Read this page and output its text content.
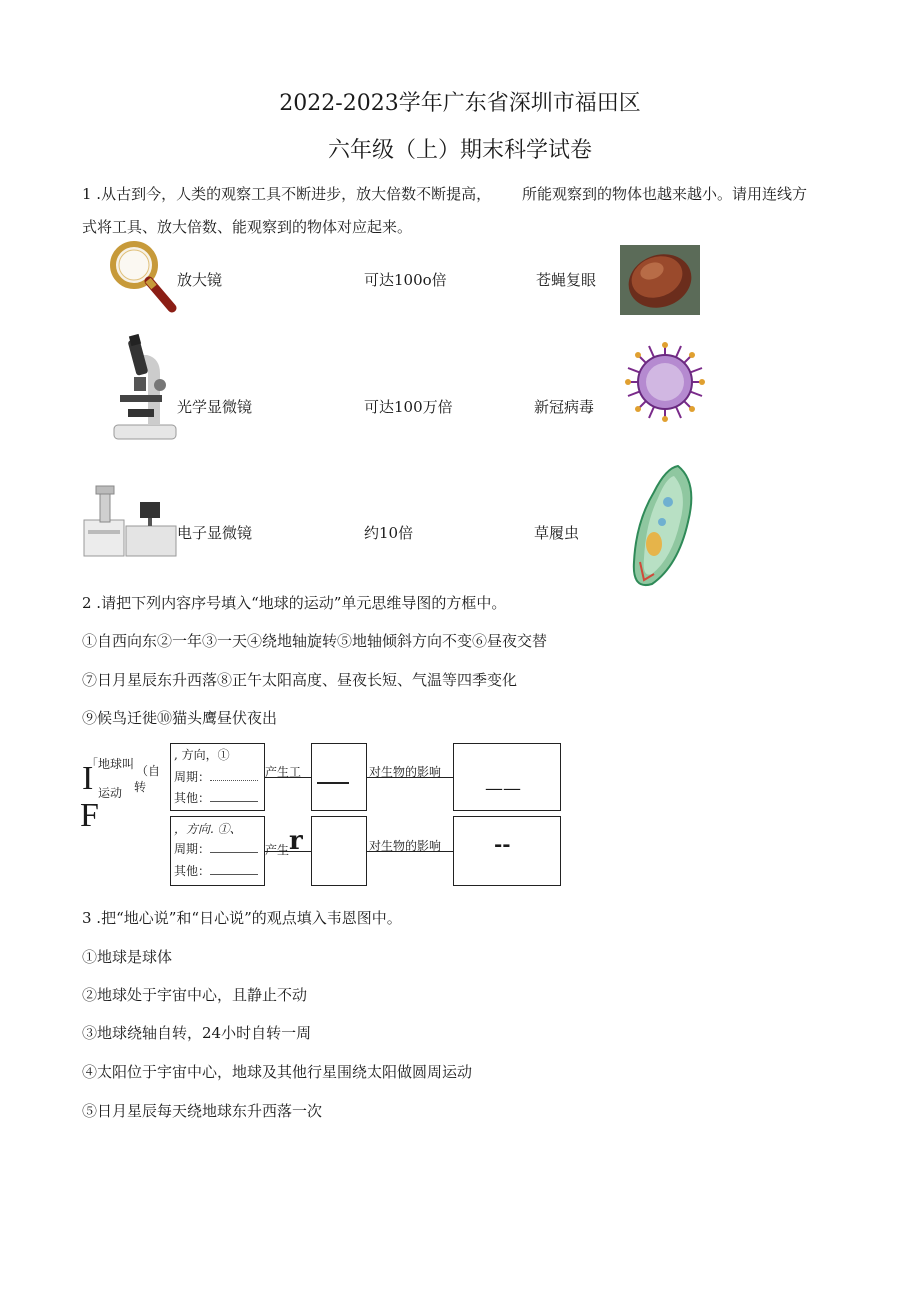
2022-2023学年广东省深圳市福田区
六年级（上）期末科学试卷
1 .从古到今，人类的观察工具不断进步，放大倍数不断提高， 所能观察到的物体也越来越小。请用连线方
式将工具、放大倍数、能观察到的物体对应起来。
放大镜	可达100o倍	苍蝇复眼
光学显微镜	可达100万倍	新冠病毒
电子显微镜	约10倍	草履虫
2 .请把下列内容序号填入“地球的运动”单元思维导图的方框中。
①自西向东②一年③一天④绕地轴旋转⑤地轴倾斜方向不变⑥昼夜交替
⑦日月星辰东升西落⑧正午太阳高度、昼夜长短、气温等四季变化
⑨候鸟迁徙⑩猫头鹰昼伏夜出
「地球叫
运动
I
F
（自
转
, 方向，①
周期：
其他：
产生工	对生物的影响
——
，方向. ①、
周期：
其他：
产生 r	对生物的影响	--
3 .把“地心说”和“日心说”的观点填入韦恩图中。
①地球是球体
②地球处于宇宙中心，且静止不动
③地球绕轴自转，24小时自转一周
④太阳位于宇宙中心，地球及其他行星围绕太阳做圆周运动
⑤日月星辰每天绕地球东升西落一次
